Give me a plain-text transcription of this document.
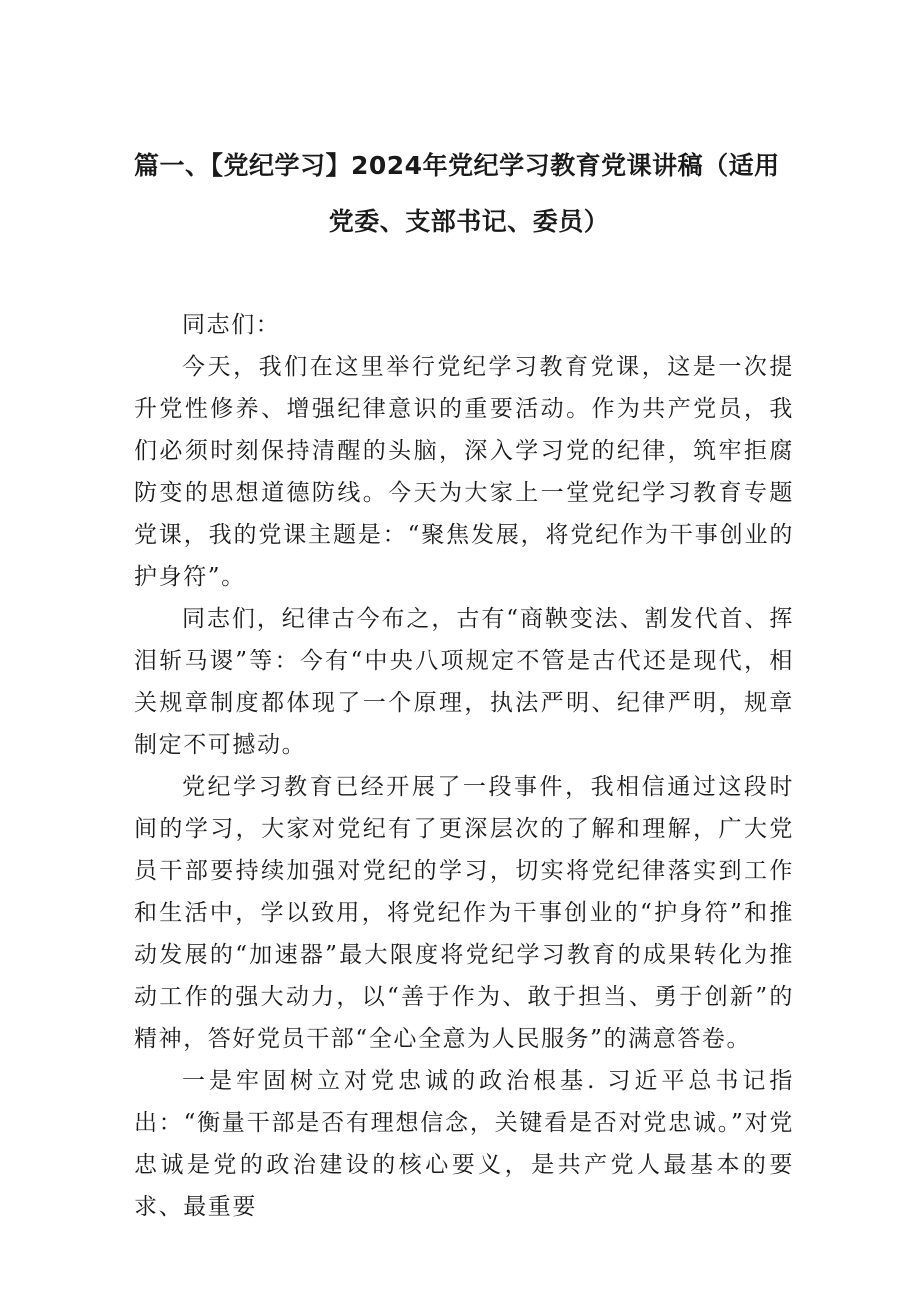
篇一、【党纪学习】2024年党纪学习教育党课讲稿（适用

党委、支部书记、委员）

同志们：

今天，我们在这里举行党纪学习教育党课，这是一次提升党性修养、增强纪律意识的重要活动。作为共产党员，我们必须时刻保持清醒的头脑，深入学习党的纪律，筑牢拒腐防变的思想道德防线。今天为大家上一堂党纪学习教育专题党课，我的党课主题是：“聚焦发展，将党纪作为干事创业的护身符”。

同志们，纪律古今布之，古有“商鞅变法、割发代首、挥泪斩马谡”等：今有“中央八项规定不管是古代还是现代，相关规章制度都体现了一个原理，执法严明、纪律严明，规章制定不可撼动。

党纪学习教育已经开展了一段事件，我相信通过这段时间的学习，大家对党纪有了更深层次的了解和理解，广大党员干部要持续加强对党纪的学习，切实将党纪律落实到工作和生活中，学以致用，将党纪作为干事创业的“护身符”和推动发展的“加速器”最大限度将党纪学习教育的成果转化为推动工作的强大动力，以“善于作为、敢于担当、勇于创新”的精神，答好党员干部“全心全意为人民服务”的满意答卷。

一是牢固树立对党忠诚的政治根基. 习近平总书记指出：“衡量干部是否有理想信念，关键看是否对党忠诚。”对党忠诚是党的政治建设的核心要义，是共产党人最基本的要求、最重要
